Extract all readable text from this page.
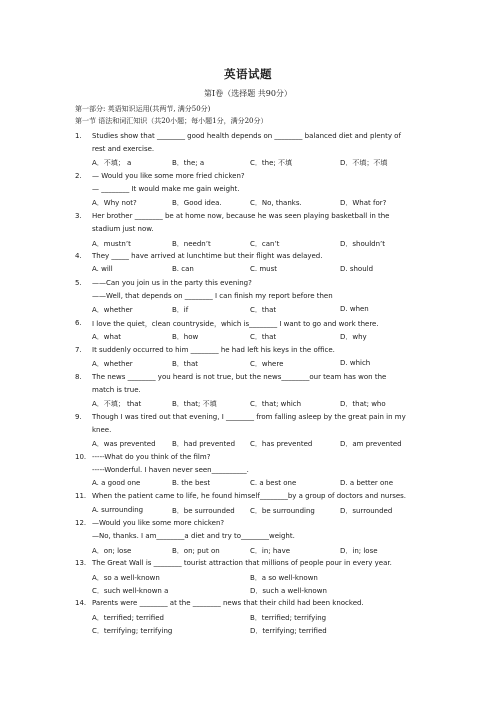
英语试题
第Ⅰ卷（选择题 共90分）
第一部分: 英语知识运用(共两节, 满分50分)
第一节 语法和词汇知识（共20小题；每小题1分，满分20分）
1. Studies show that ________ good health depends on ________ balanced diet and plenty of
rest and exercise.
A．不填； a	B．the; a	C．the; 不填	D．不填；不填
2. — Would you like some more fried chicken?
— ________ It would make me gain weight.
A．Why not?	B．Good idea.	C．No, thanks.	D．What for?
3. Her brother ________ be at home now, because he was seen playing basketball in the
stadium just now.
A．mustn’t	B．needn’t	C．can’t	D．shouldn’t
4. They _____ have arrived at lunchtime but their flight was delayed.
A. will	B. can	C. must	D. should
5. ——Can you join us in the party this evening?
——Well, that depends on ________ I can finish my report before then
A．whether	B．if	C．that	D. when
6. I love the quiet，clean countryside，which is________ I want to go and work there.
A．what	B．how	C．that	D．why
7. It suddenly occurred to him ________ he had left his keys in the office.
A．whether	B．that	C．where	D. which
8. The news ________ you heard is not true, but the news________our team has won the
match is true.
A．不填； that	B．that; 不填	C．that; which	D．that; who
9. Though I was tired out that evening, I ________ from falling asleep by the great pain in my
knee.
A．was prevented B．had prevented C．has prevented	D．am prevented
10. -----What do you think of the film?
-----Wonderful. I haven never seen__________.
A. a good one	B. the best	C. a best one	D. a better one
11. When the patient came to life, he found himself________by a group of doctors and nurses.
A. surrounding	B．be surrounded C．be surrounding	D．surrounded
12. —Would you like some more chicken?
—No, thanks. I am________a diet and try to________weight.
A．on; lose	B．on; put on	C．in; have	D．in; lose
13. The Great Wall is ________ tourist attraction that millions of people pour in every year.
A．so a well-known	B．a so well-known
C．such well-known a	D．such a well-known
14. Parents were ________ at the ________ news that their child had been knocked.
A．terrified; terrified	B．terrified; terrifying
C．terrifying; terrifying	D．terrifying; terrified
